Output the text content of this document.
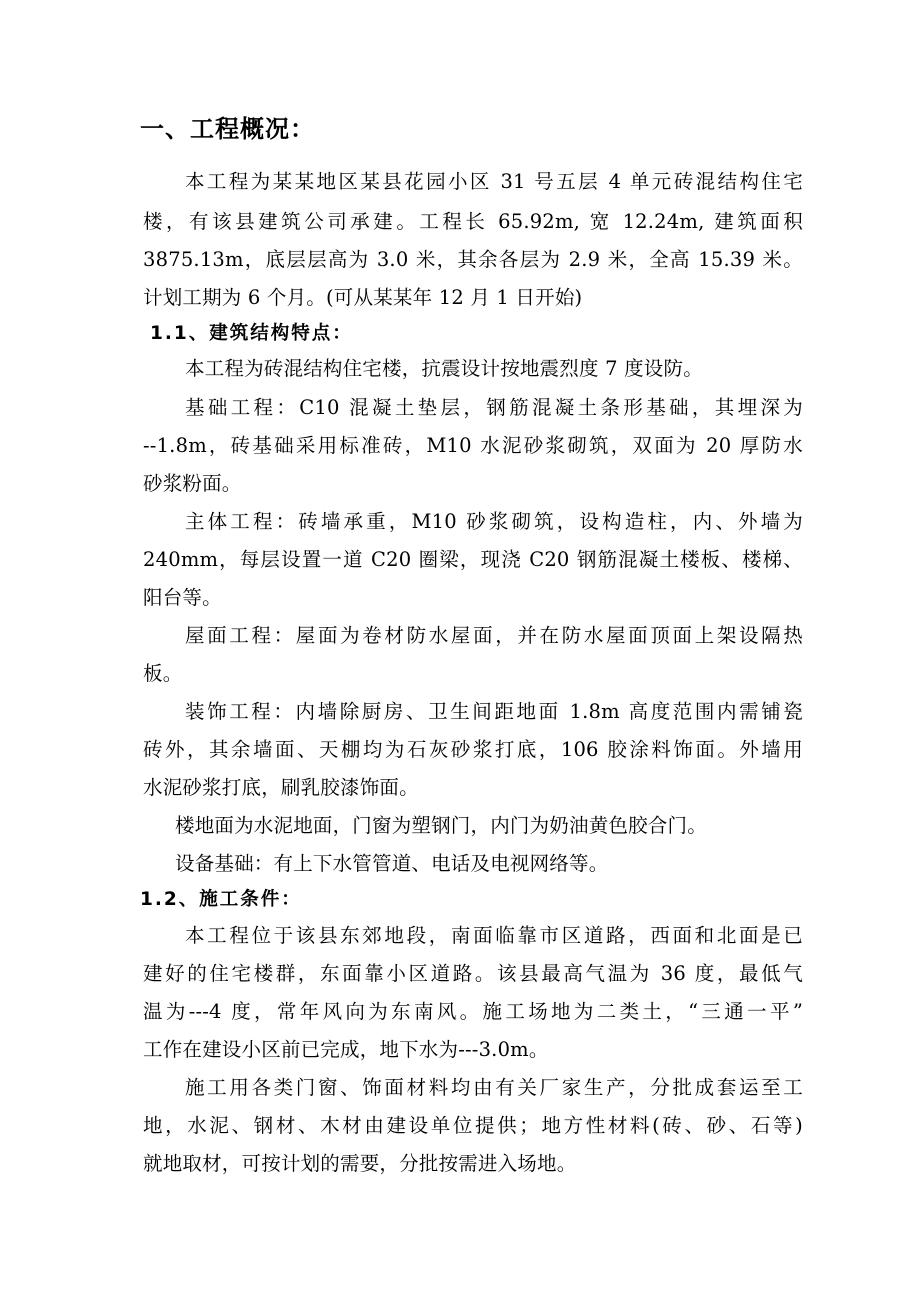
一、工程概况：
本工程为某某地区某县花园小区 31 号五层 4 单元砖混结构住宅
楼，有该县建筑公司承建。工程长 65.92m, 宽 12.24m, 建筑面积
3875.13m，底层层高为 3.0 米，其余各层为 2.9 米，全高 15.39 米。
计划工期为 6 个月。(可从某某年 12 月 1 日开始)
1.1、建筑结构特点：
本工程为砖混结构住宅楼，抗震设计按地震烈度 7 度设防。
基础工程：C10 混凝土垫层，钢筋混凝土条形基础，其埋深为
--1.8m，砖基础采用标准砖，M10 水泥砂浆砌筑，双面为 20 厚防水
砂浆粉面。
主体工程：砖墙承重，M10 砂浆砌筑，设构造柱，内、外墙为
240mm，每层设置一道 C20 圈梁，现浇 C20 钢筋混凝土楼板、楼梯、
阳台等。
屋面工程：屋面为卷材防水屋面，并在防水屋面顶面上架设隔热
板。
装饰工程：内墙除厨房、卫生间距地面 1.8m 高度范围内需铺瓷
砖外，其余墙面、天棚均为石灰砂浆打底，106 胶涂料饰面。外墙用
水泥砂浆打底，刷乳胶漆饰面。
楼地面为水泥地面，门窗为塑钢门，内门为奶油黄色胶合门。
设备基础：有上下水管管道、电话及电视网络等。
1.2、施工条件：
本工程位于该县东郊地段，南面临靠市区道路，西面和北面是已
建好的住宅楼群，东面靠小区道路。该县最高气温为 36 度，最低气
温为---4 度，常年风向为东南风。施工场地为二类土，“三通一平”
工作在建设小区前已完成，地下水为---3.0m。
施工用各类门窗、饰面材料均由有关厂家生产，分批成套运至工
地，水泥、钢材、木材由建设单位提供；地方性材料(砖、砂、石等)
就地取材，可按计划的需要，分批按需进入场地。
